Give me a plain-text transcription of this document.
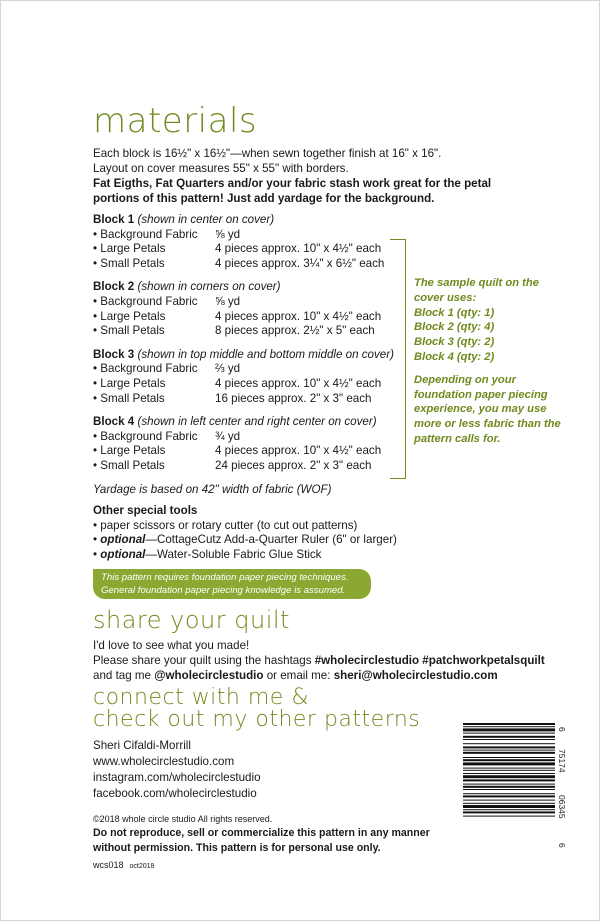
materials

Each block is 16½" x 16½"—when sewn together finish at 16" x 16".

Layout on cover measures 55" x 55" with borders.

Fat Eigths, Fat Quarters and/or your fabric stash work great for the petal portions of this pattern! Just add yardage for the background.

Block 1 (shown in center on cover)
• Background Fabric	⅝ yd
• Large Petals	4 pieces approx. 10" x 4½" each
• Small Petals	4 pieces approx. 3¼" x 6½" each
Block 2 (shown in corners on cover)
• Background Fabric	⅝ yd
• Large Petals	4 pieces approx. 10" x 4½" each
• Small Petals	8 pieces approx. 2½" x 5" each
Block 3 (shown in top middle and bottom middle on cover)
• Background Fabric	⅔ yd
• Large Petals	4 pieces approx. 10" x 4½" each
• Small Petals	16 pieces approx. 2" x 3" each
Block 4 (shown in left center and right center on cover)
• Background Fabric	¾ yd
• Large Petals	4 pieces approx. 10" x 4½" each
• Small Petals	24 pieces approx. 2" x 3" each
Yardage is based on 42" width of fabric (WOF)

The sample quilt on the cover uses:
Block 1 (qty: 1)
Block 2 (qty: 4)
Block 3 (qty: 2)
Block 4 (qty: 2)

Depending on your foundation paper piecing experience, you may use more or less fabric than the pattern calls for.

Other special tools
• paper scissors or rotary cutter (to cut out patterns)
• optional—CottageCutz Add-a-Quarter Ruler (6" or larger)
• optional—Water-Soluble Fabric Glue Stick
This pattern requires foundation paper piecing techniques.
General foundation paper piecing knowledge is assumed.
share your quilt

I'd love to see what you made!

Please share your quilt using the hashtags #wholecirclestudio #patchworkpetalsquilt

and tag me @wholecirclestudio or email me: sheri@wholecirclestudio.com

connect with me &
check out my other patterns
Sheri Cifaldi-Morrill
www.wholecirclestudio.com
instagram.com/wholecirclestudio
facebook.com/wholecirclestudio
©2018 whole circle studio All rights reserved.
Do not reproduce, sell or commercialize this pattern in any manner without permission. This pattern is for personal use only.
wcs018 oct2018
6
75174
06345
6
